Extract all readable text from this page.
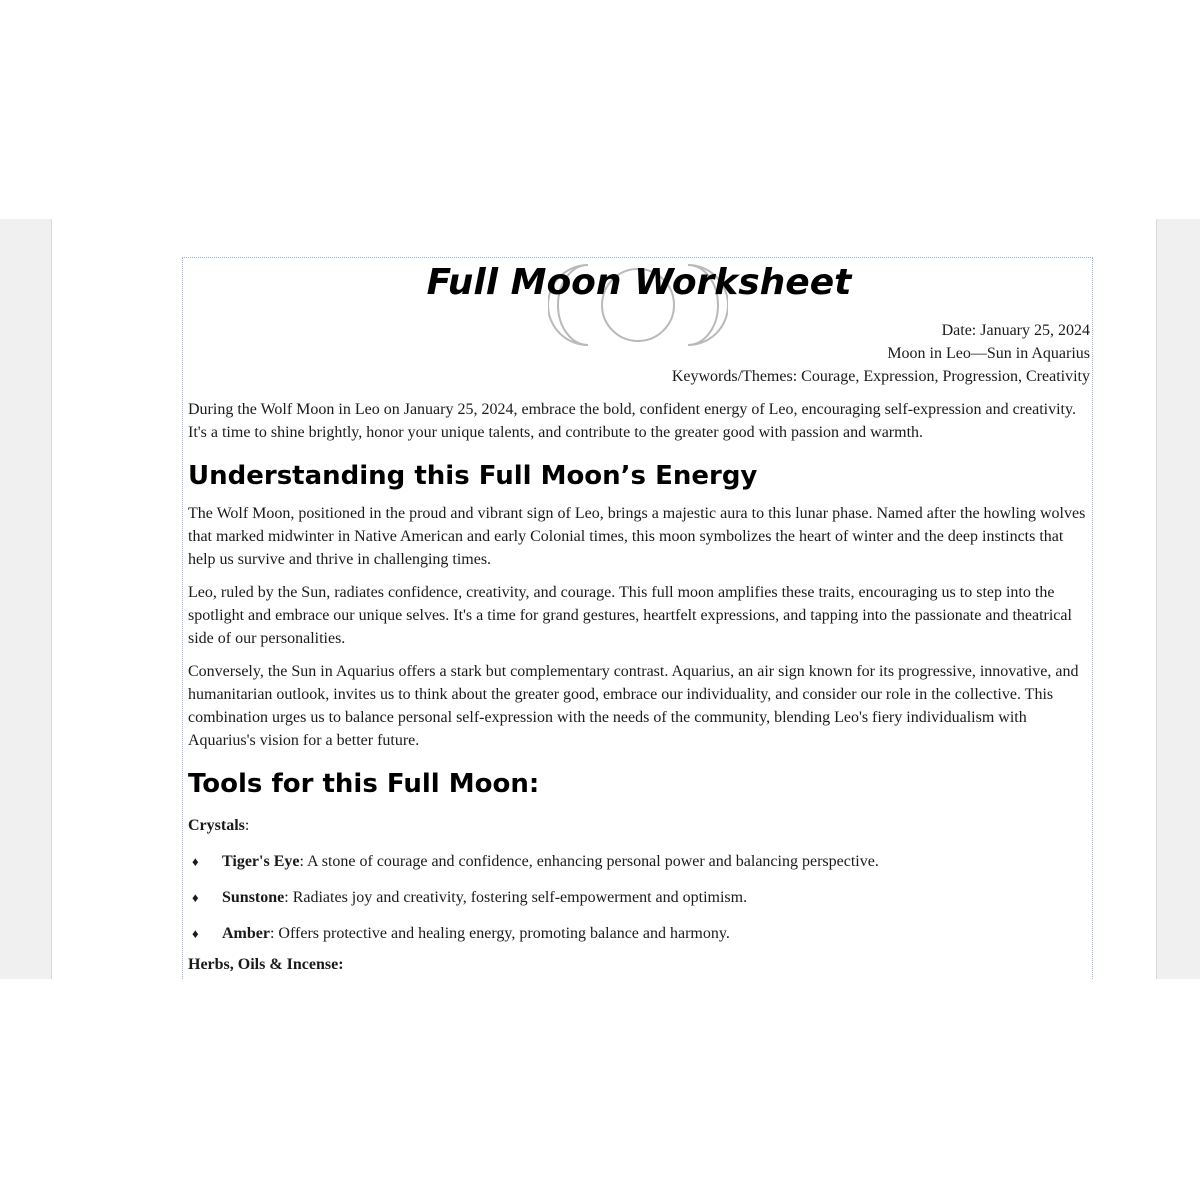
Full Moon Worksheet
Date: January 25, 2024
Moon in Leo—Sun in Aquarius
Keywords/Themes: Courage, Expression, Progression, Creativity

During the Wolf Moon in Leo on January 25, 2024, embrace the bold, confident energy of Leo, encouraging self-expression and creativity. It's a time to shine brightly, honor your unique talents, and contribute to the greater good with passion and warmth.

Understanding this Full Moon’s Energy

The Wolf Moon, positioned in the proud and vibrant sign of Leo, brings a majestic aura to this lunar phase. Named after the howling wolves that marked midwinter in Native American and early Colonial times, this moon symbolizes the heart of winter and the deep instincts that help us survive and thrive in challenging times.

Leo, ruled by the Sun, radiates confidence, creativity, and courage. This full moon amplifies these traits, encouraging us to step into the spotlight and embrace our unique selves. It's a time for grand gestures, heartfelt expressions, and tapping into the passionate and theatrical side of our personalities.

Conversely, the Sun in Aquarius offers a stark but complementary contrast. Aquarius, an air sign known for its progressive, innovative, and humanitarian outlook, invites us to think about the greater good, embrace our individuality, and consider our role in the collective. This combination urges us to balance personal self-expression with the needs of the community, blending Leo's fiery individualism with Aquarius's vision for a better future.

Tools for this Full Moon:

Crystals:

♦ Tiger's Eye: A stone of courage and confidence, enhancing personal power and balancing perspective.
♦ Sunstone: Radiates joy and creativity, fostering self-empowerment and optimism.
♦ Amber: Offers protective and healing energy, promoting balance and harmony.

Herbs, Oils & Incense:
